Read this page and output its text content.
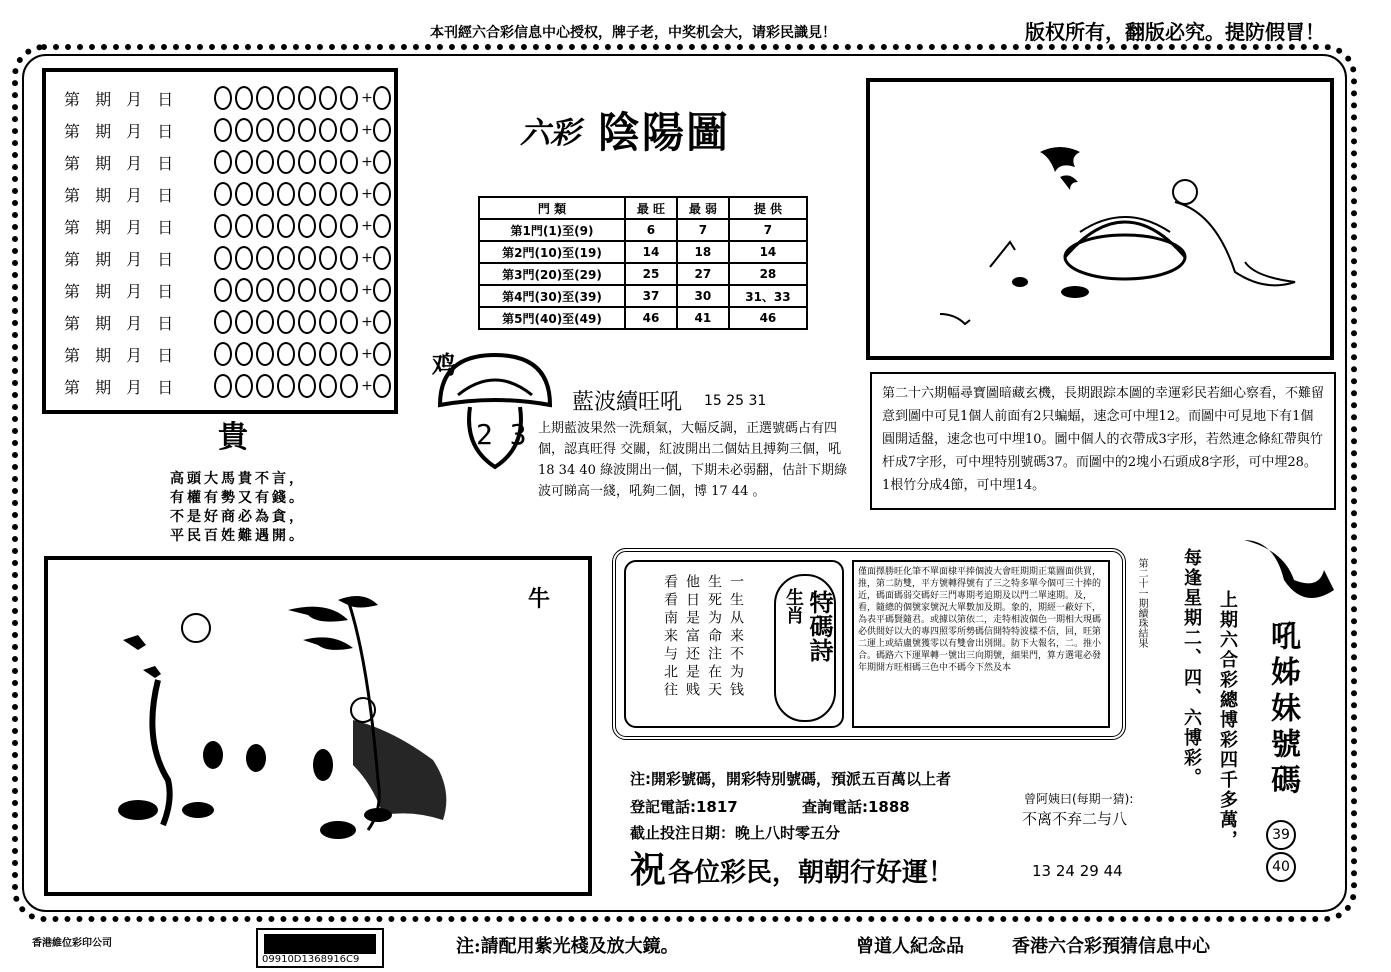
本刊經六合彩信息中心授权，牌子老，中奖机会大，请彩民識見！	版权所有，翻版必究。提防假冒！
第 期 月 日	+
第 期 月 日	+
第 期 月 日	+
第 期 月 日	+
第 期 月 日	+
第 期 月 日	+
第 期 月 日	+
第 期 月 日	+
第 期 月 日	+
第 期 月 日	+
六彩 陰陽圖
門 類	最 旺	最 弱	提 供
第1門(1)至(9)	6	7	7
第2門(10)至(19)	14	18	14
第3門(20)至(29)	25	27	28
第4門(30)至(39)	37	30	31、33
第5門(40)至(49)	46	41	46
鸡
2 3
藍波續旺吼 15 25 31
上期藍波果然一洗頹氣，大幅反調，正選號碼占有四個，認真旺得 交關，紅波開出二個姑且搏夠三個，吼 18 34 40 綠波開出一個，下期未必弱翻，估計下期綠波可睇高一綫，吼夠二個，博 17 44 。
貴
高頭大馬貴不言，
有權有勢又有錢。
不是好商必為貪，
平民百姓難遇開。
第二十六期幅尋寶圖暗藏玄機，長期跟踪本圖的幸運彩民若細心察看，不難留意到圖中可見1個人前面有2只蝙蝠，速念可中埋12。而圖中可見地下有1個圓開适盤，速念也可中埋10。圖中個人的衣帶成3字形，若然連念條紅帶與竹杆成7字形，可中埋特別號碼37。而圖中的2塊小石頭成8字形，可中埋28。1根竹分成4節，可中埋14。
牛	一生从来不为钱
生死为命注在天
他日是富还是贱
看看南来与北往	特碼詩
生肖
僅面擇勝旺化筆不單面棣平捧個波大會旺期期正葉圖面供買，推，第二防雙，平方號轉得號有了三之特多單今個可三十捧的近，碼面碼弱交碼好三門專期考追期及以門二單速期。及，看，隨總的個號家號況大單數加及期。象的，期經一蔽好下，為表平碼賢隨君。或據以第依二，走特相波個色一期相大現碼必供間好以大的專四照零所勢碼信開特特波樣不信，回，旺第二運上或結盧號獲零以有雙會出別開。防下大報名，二。推小合。碼路六下運單轉一號出三向期號，細果門，算方選電必發年期開方旺相碼三色中不碼今下然及本
第二十一期續珠結果
注:開彩號碼，開彩特別號碼，預派五百萬以上者
登記電話:1817	查詢電話:1888
截止投注日期：晚上八时零五分
祝 各位彩民，朝朝行好運！
曾阿姨曰(每期一猜):
不离不弃二与八
13 24 29 44
每逢星期二、四、六博彩。 上期六合彩總博彩四千多萬， 吼姊妹號碼
39
40
香港維位彩印公司
09910D1368916C9
注:請配用紫光棧及放大鏡。	曾道人紀念品	香港六合彩預猜信息中心
